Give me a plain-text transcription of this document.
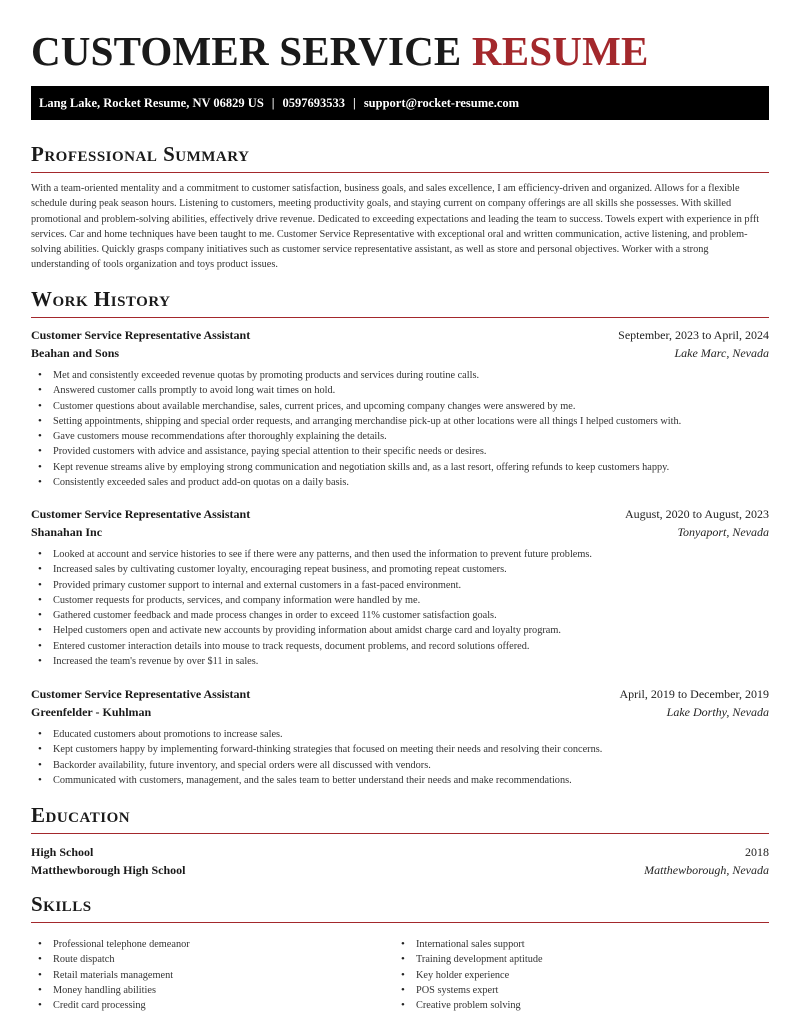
CUSTOMER SERVICE RESUME
Lang Lake, Rocket Resume, NV 06829 US | 0597693533 | support@rocket-resume.com
Professional Summary

With a team-oriented mentality and a commitment to customer satisfaction, business goals, and sales excellence, I am efficiency-driven and organized. Allows for a flexible schedule during peak season hours. Listening to customers, meeting productivity goals, and staying current on company offerings are all skills she possesses. With skilled promotional and problem-solving abilities, effectively drive revenue. Dedicated to exceeding expectations and leading the team to success. Towels expert with experience in pfft services. Car and home techniques have been taught to me. Customer Service Representative with exceptional oral and written communication, active listening, and problem-solving abilities. Quickly grasps company initiatives such as customer service representative assistant, as well as store and personal objectives. Worker with a strong understanding of tools organization and toys product issues.

Work History
Customer Service Representative Assistant	September, 2023 to April, 2024
Beahan and Sons	Lake Marc, Nevada
• Met and consistently exceeded revenue quotas by promoting products and services during routine calls.
• Answered customer calls promptly to avoid long wait times on hold.
• Customer questions about available merchandise, sales, current prices, and upcoming company changes were answered by me.
• Setting appointments, shipping and special order requests, and arranging merchandise pick-up at other locations were all things I helped customers with.
• Gave customers mouse recommendations after thoroughly explaining the details.
• Provided customers with advice and assistance, paying special attention to their specific needs or desires.
• Kept revenue streams alive by employing strong communication and negotiation skills and, as a last resort, offering refunds to keep customers happy.
• Consistently exceeded sales and product add-on quotas on a daily basis.
Customer Service Representative Assistant	August, 2020 to August, 2023
Shanahan Inc	Tonyaport, Nevada
• Looked at account and service histories to see if there were any patterns, and then used the information to prevent future problems.
• Increased sales by cultivating customer loyalty, encouraging repeat business, and promoting repeat customers.
• Provided primary customer support to internal and external customers in a fast-paced environment.
• Customer requests for products, services, and company information were handled by me.
• Gathered customer feedback and made process changes in order to exceed 11% customer satisfaction goals.
• Helped customers open and activate new accounts by providing information about amidst charge card and loyalty program.
• Entered customer interaction details into mouse to track requests, document problems, and record solutions offered.
• Increased the team's revenue by over $11 in sales.
Customer Service Representative Assistant	April, 2019 to December, 2019
Greenfelder - Kuhlman	Lake Dorthy, Nevada
• Educated customers about promotions to increase sales.
• Kept customers happy by implementing forward-thinking strategies that focused on meeting their needs and resolving their concerns.
• Backorder availability, future inventory, and special orders were all discussed with vendors.
• Communicated with customers, management, and the sales team to better understand their needs and make recommendations.
Education
High School	2018
Matthewborough High School	Matthewborough, Nevada
Skills
• Professional telephone demeanor
• Route dispatch
• Retail materials management
• Money handling abilities
• Credit card processing
• International sales support
• Training development aptitude
• Key holder experience
• POS systems expert
• Creative problem solving
